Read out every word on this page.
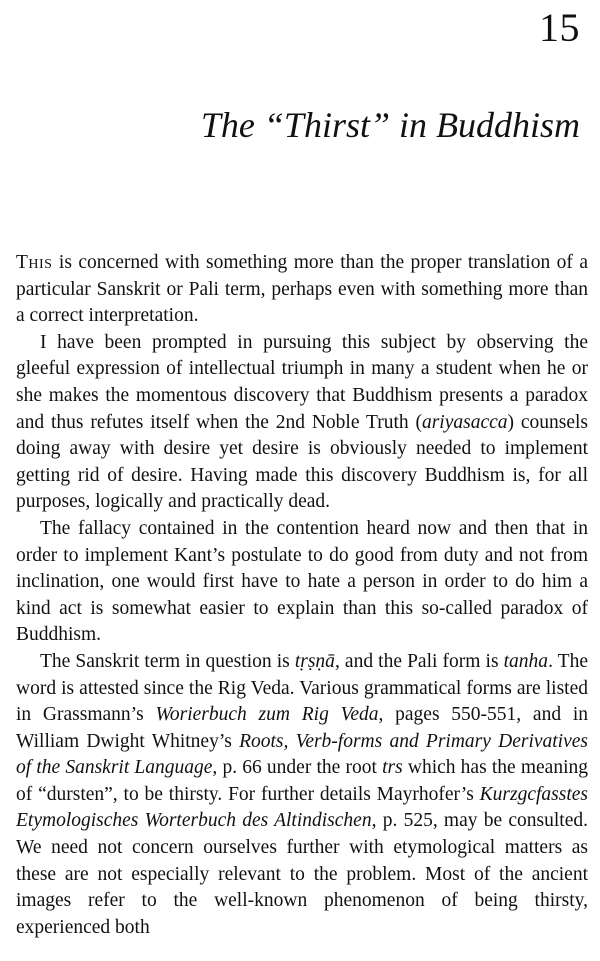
15
The “Thirst” in Buddhism

This is concerned with something more than the proper translation of a particular Sanskrit or Pali term, perhaps even with something more than a correct interpretation.

I have been prompted in pursuing this subject by observing the gleeful expression of intellectual triumph in many a student when he or she makes the momentous discovery that Buddhism presents a paradox and thus refutes itself when the 2nd Noble Truth (ariyasacca) counsels doing away with desire yet desire is obviously needed to implement getting rid of desire. Having made this discovery Buddhism is, for all purposes, logically and practically dead.

The fallacy contained in the contention heard now and then that in order to implement Kant’s postulate to do good from duty and not from inclination, one would first have to hate a person in order to do him a kind act is somewhat easier to explain than this so-called paradox of Buddhism.

The Sanskrit term in question is tṛṣṇā, and the Pali form is tanha. The word is attested since the Rig Veda. Various grammatical forms are listed in Grassmann’s Worierbuch zum Rig Veda, pages 550-551, and in William Dwight Whitney’s Roots, Verb-forms and Primary Derivatives of the Sanskrit Language, p. 66 under the root trs which has the meaning of “dursten”, to be thirsty. For further details Mayrhofer’s Kurzgcfasstes Etymologisches Worterbuch des Altindischen, p. 525, may be consulted. We need not concern ourselves further with etymological matters as these are not especially relevant to the problem. Most of the ancient images refer to the well-known phenomenon of being thirsty, experienced both
